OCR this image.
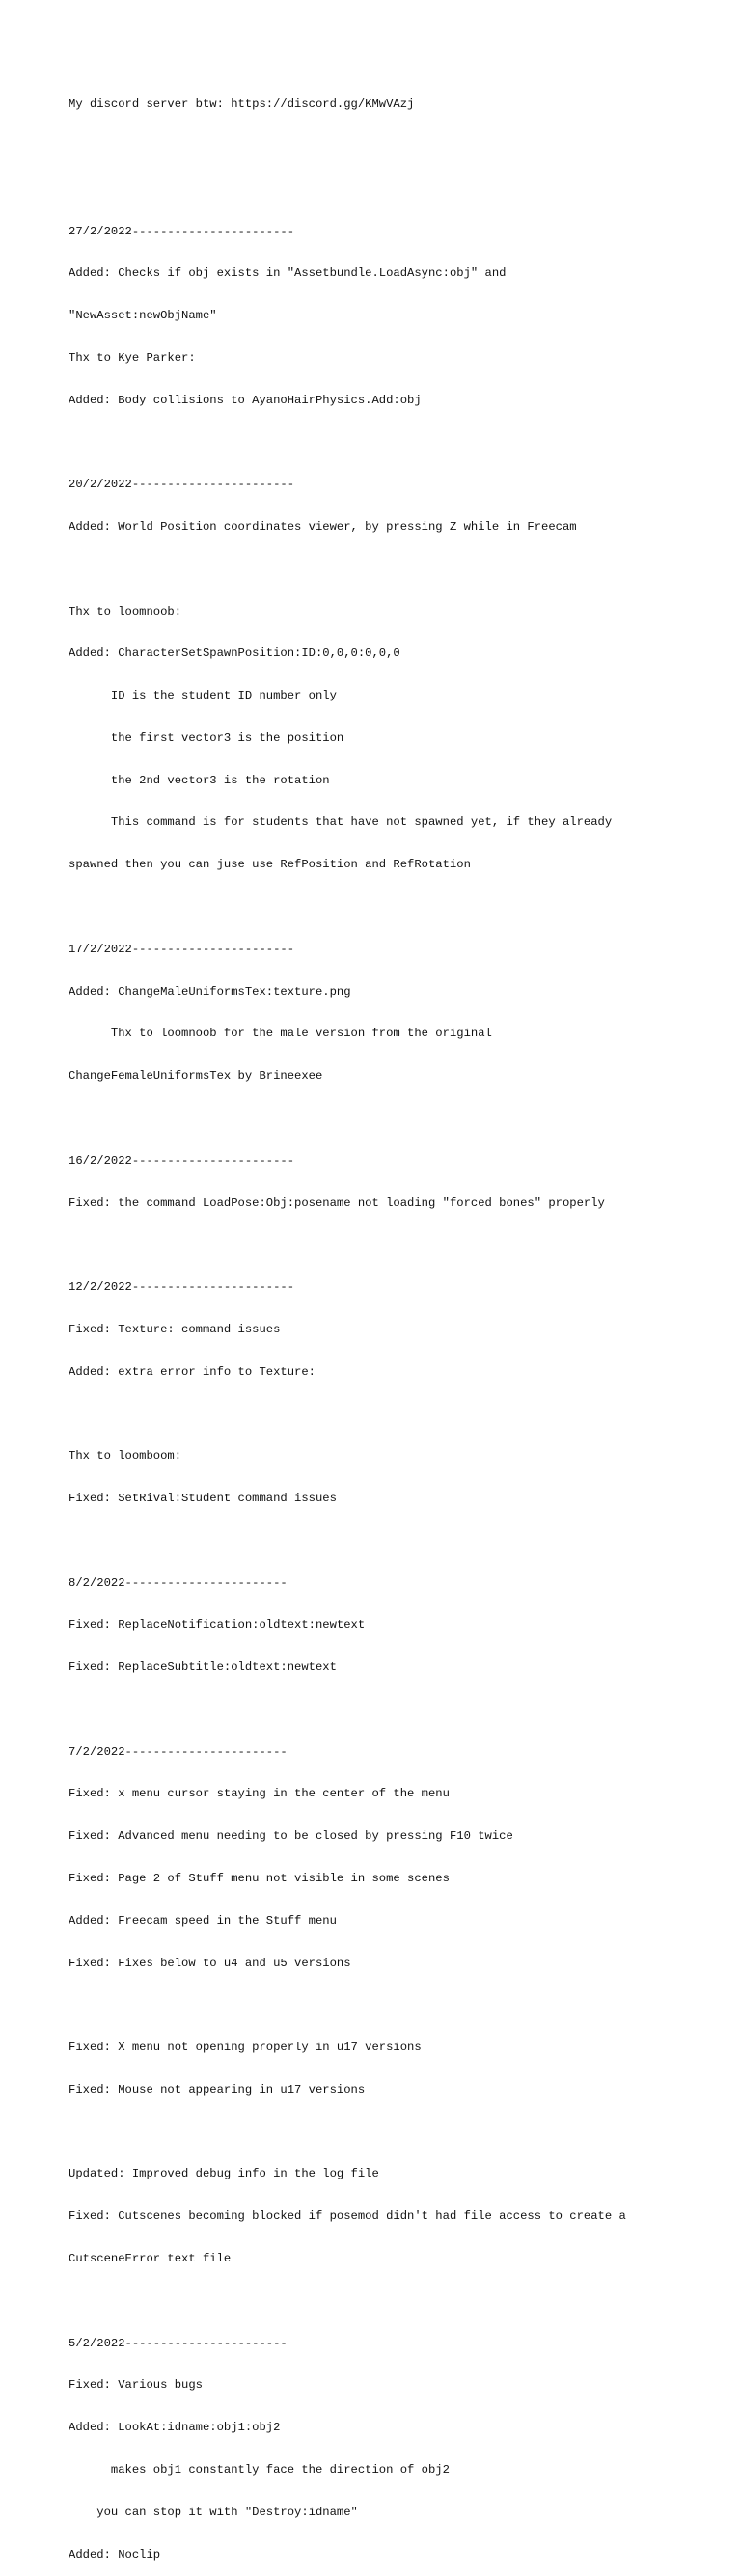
My discord server btw: https://discord.gg/KMwVAzj

27/2/2022-----------------------

Added: Checks if obj exists in "Assetbundle.LoadAsync:obj" and

"NewAsset:newObjName"

Thx to Kye Parker:

Added: Body collisions to AyanoHairPhysics.Add:obj

20/2/2022-----------------------

Added: World Position coordinates viewer, by pressing Z while in Freecam

Thx to loomnoob:

Added: CharacterSetSpawnPosition:ID:0,0,0:0,0,0

ID is the student ID number only

the first vector3 is the position

the 2nd vector3 is the rotation

This command is for students that have not spawned yet, if they already

spawned then you can juse use RefPosition and RefRotation

17/2/2022-----------------------

Added: ChangeMaleUniformsTex:texture.png

Thx to loomnoob for the male version from the original

ChangeFemaleUniformsTex by Brineexee

16/2/2022-----------------------

Fixed: the command LoadPose:Obj:posename not loading "forced bones" properly

12/2/2022-----------------------

Fixed: Texture: command issues

Added: extra error info to Texture:

Thx to loomboom:

Fixed: SetRival:Student command issues

8/2/2022-----------------------

Fixed: ReplaceNotification:oldtext:newtext

Fixed: ReplaceSubtitle:oldtext:newtext

7/2/2022-----------------------

Fixed: x menu cursor staying in the center of the menu

Fixed: Advanced menu needing to be closed by pressing F10 twice

Fixed: Page 2 of Stuff menu not visible in some scenes

Added: Freecam speed in the Stuff menu

Fixed: Fixes below to u4 and u5 versions

Fixed: X menu not opening properly in u17 versions

Fixed: Mouse not appearing in u17 versions

Updated: Improved debug info in the log file

Fixed: Cutscenes becoming blocked if posemod didn't had file access to create a

CutsceneError text file

5/2/2022-----------------------

Fixed: Various bugs

Added: LookAt:idname:obj1:obj2

makes obj1 constantly face the direction of obj2

you can stop it with "Destroy:idname"

Added: Noclip
